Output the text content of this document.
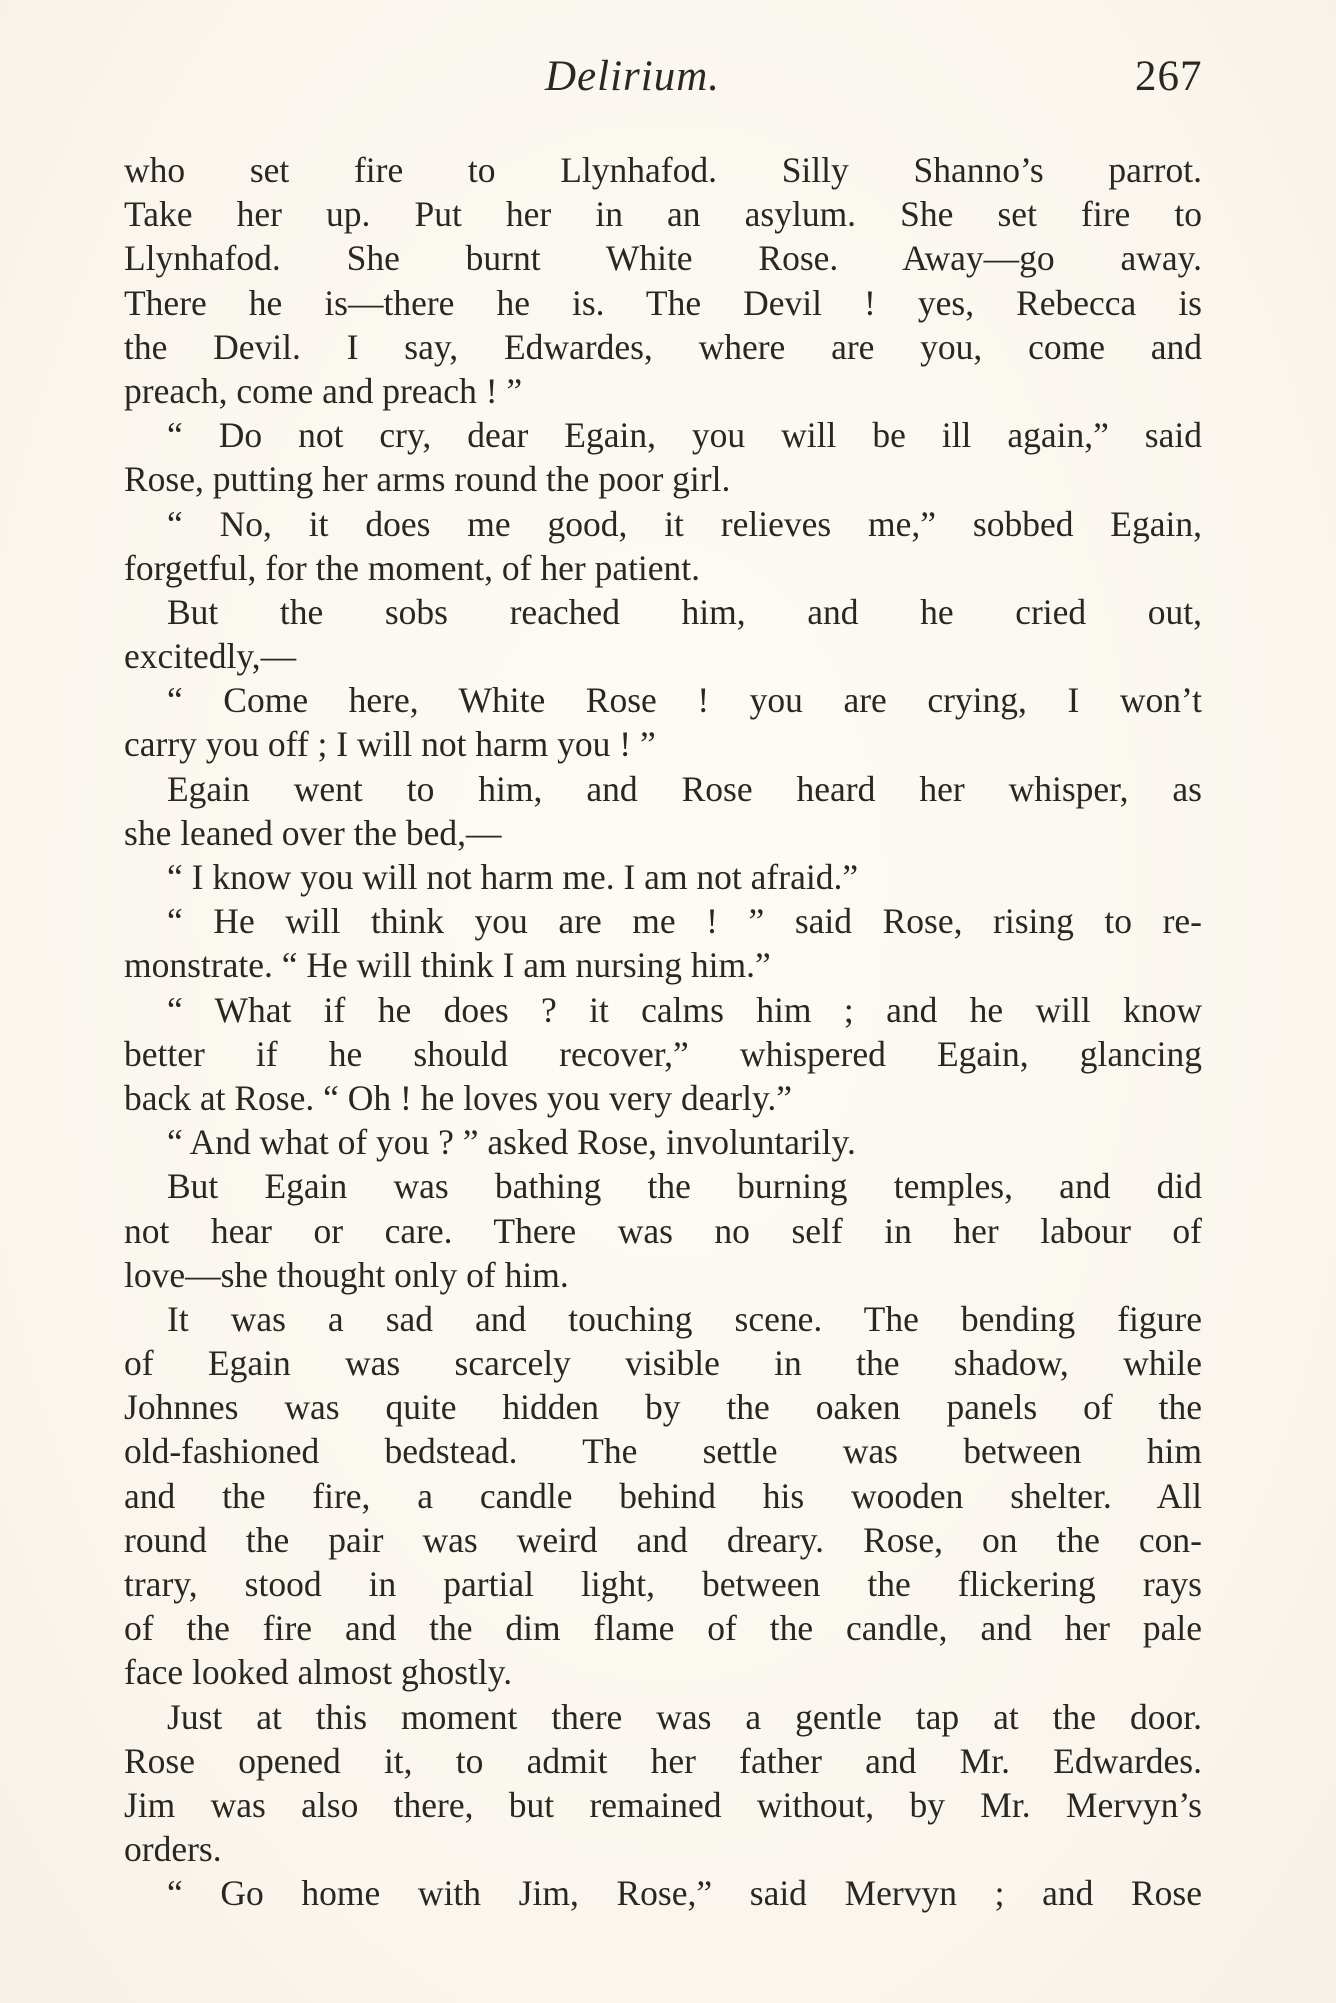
Delirium.	267
who set fire to Llynhafod. Silly Shanno’s parrot.
Take her up. Put her in an asylum. She set fire to
Llynhafod. She burnt White Rose. Away—go away.
There he is—there he is. The Devil ! yes, Rebecca is
the Devil. I say, Edwardes, where are you, come and
preach, come and preach ! ”
“ Do not cry, dear Egain, you will be ill again,” said
Rose, putting her arms round the poor girl.
“ No, it does me good, it relieves me,” sobbed Egain,
forgetful, for the moment, of her patient.
But the sobs reached him, and he cried out,
excitedly,—
“ Come here, White Rose ! you are crying, I won’t
carry you off ; I will not harm you ! ”
Egain went to him, and Rose heard her whisper, as
she leaned over the bed,—
“ I know you will not harm me. I am not afraid.”
“ He will think you are me ! ” said Rose, rising to re-
monstrate. “ He will think I am nursing him.”
“ What if he does ? it calms him ; and he will know
better if he should recover,” whispered Egain, glancing
back at Rose. “ Oh ! he loves you very dearly.”
“ And what of you ? ” asked Rose, involuntarily.
But Egain was bathing the burning temples, and did
not hear or care. There was no self in her labour of
love—she thought only of him.
It was a sad and touching scene. The bending figure
of Egain was scarcely visible in the shadow, while
Johnnes was quite hidden by the oaken panels of the
old-fashioned bedstead. The settle was between him
and the fire, a candle behind his wooden shelter. All
round the pair was weird and dreary. Rose, on the con-
trary, stood in partial light, between the flickering rays
of the fire and the dim flame of the candle, and her pale
face looked almost ghostly.
Just at this moment there was a gentle tap at the door.
Rose opened it, to admit her father and Mr. Edwardes.
Jim was also there, but remained without, by Mr. Mervyn’s
orders.
“ Go home with Jim, Rose,” said Mervyn ; and Rose
